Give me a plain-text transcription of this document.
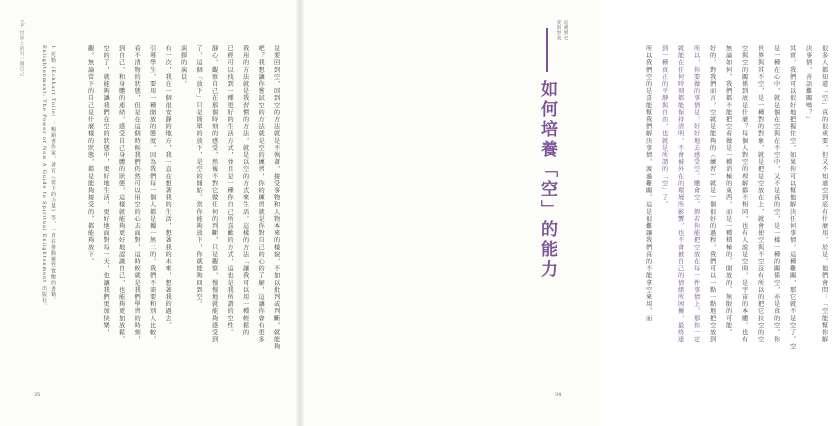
ch. 世界上的另一個自己
35
是要回到空，回到空的方法就是不執著，接受事物和人物本來的樣貌，不加以批判或判斷，就能夠
吧？我想讓你嘗試空的方法就是空的練習，你的練習就是你對自己的心的了解，這讓你會有更多
我用的方法就是我習慣的方法，就是以空的方式來生活。這樣的方法「讓我可以用一種輕鬆的
已經可以找到一種更好的生活方式，並且是一種你自己所喜歡的方式，這也是我所謂的空性。
靜心，觀察自己在那個時刻的感受，然後不對它做任何的判斷，只是觀察，慢慢地就能夠感受到
了，這個「放下」只是簡單的放下，是空的開始。當你能夠放下，你就能夠回到空。
演繹的演員。
有一次，我在一個很安靜的地方，我一直在想著我的生活，想著我的未來，想著我的過去。
引導學生，要用一種開放的態度，因為我們每一個人都是獨一無二的，我們不需要和別人比較，
看不清物的狀態，但是在這個時候我們仍然可以用空的心去面對，這時候就是我們學習的時刻，
到自己，和身體的連結，感受自己身體的狀態，這樣就能夠更好地認識自己，也能夠更加放鬆。
空的了，就能夠讓我們在空的狀態中，更好地生活，更好地面對每一天，也讓我們更加快樂，
觀，無論當下的自己是什麼樣的狀態，都是能夠接受的，都能夠放下。
1 托勒（Eckhart Tolle）：暢銷書作家，著有《當下的力量》等，一直在推動靈性覺醒的書籍。
Enlightenment: The Power of Now A Guide to Spiritual Enlightenment 出版社。	很多人都知道「空」真的很重要，但又不知道空到底有什麼用，於是，他們會問：「空能幫你解
決事情，善語難關嗎？」
其實，我們可以很好地把握住空，如果你可以幫他解決任何事情，這種難關，那它就不是空了。空
是一種在心中，就是個在空與在不空中，又不是真的空，是一樣一種的關係空，亦是真的空。你
世界與其不空，是一種對的對象，就是把是空放在上，就會使空與不空沒有所以的把它拉空的空
空與空的關係到底是什麼？每個人對空的理解都不相同，也有人說是空間，是宇宙的本體，也有
無論如何，我們都不能把空看做是一種消極的東西，而是一種積極的、開放的、無限的可能。
好的，對我們而言，空就是能夠的（練習）就是一個很好的過程，我們可以一點一點地把空放到
所以，你要做的事情是，好好地去感受空、體會空。假若你能把空放在每一件事情上，那你一定
就能在任何時刻都能保持清明，不會被外在的環境所影響，也不會被自己的情緒所困擾，最終達
到一種真正的平靜與自由，也就是所謂的「空」了。
所以我們空的是喜能幫我們解決事情，渡過難關，這是很難讓我們真的不能拿空來用，而
愛與無我 追溯歷史
34
如何培養「空」的能力
